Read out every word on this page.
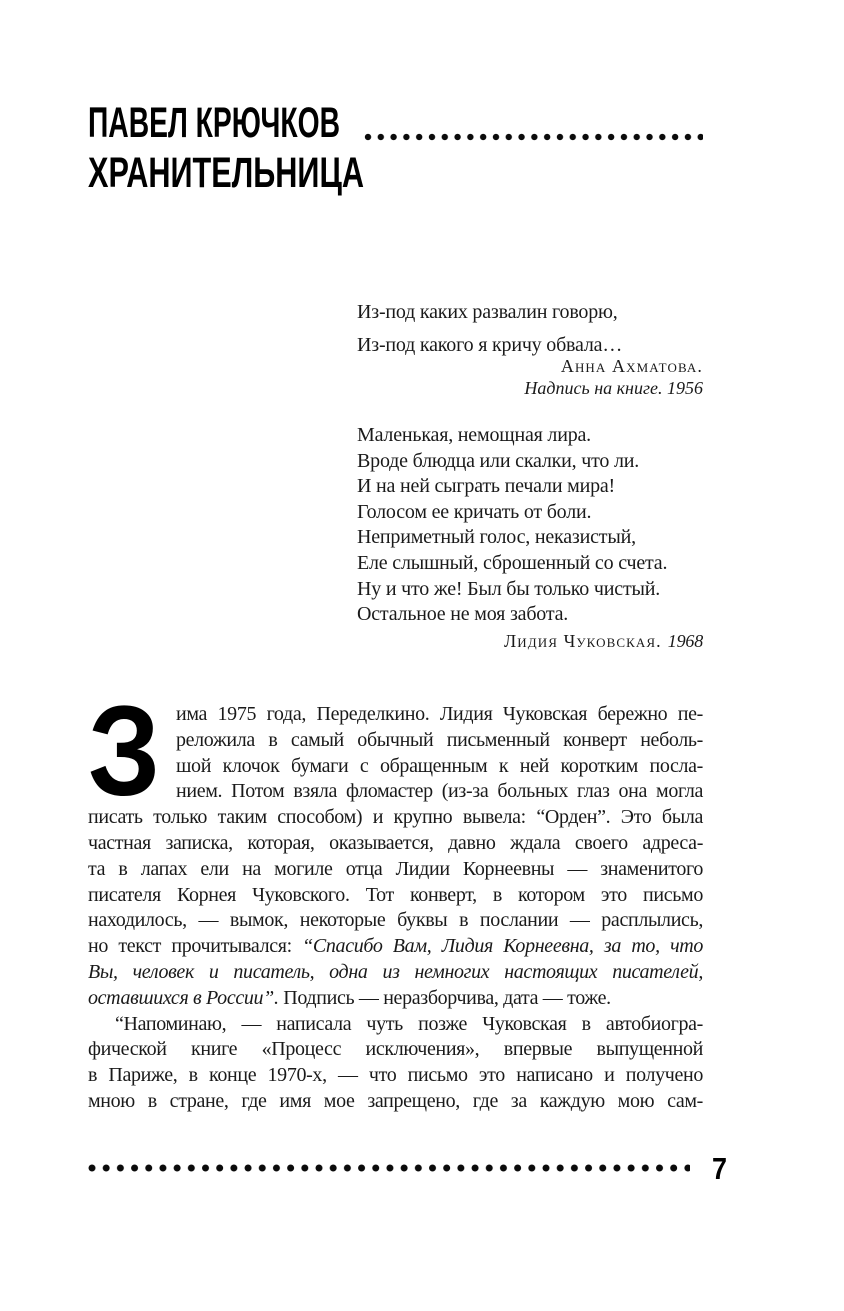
ПАВЕЛ КРЮЧКОВ
ХРАНИТЕЛЬНИЦА
Из-под каких развалин говорю,
Из-под какого я кричу обвала…
Анна Ахматова.
Надпись на книге. 1956
Маленькая, немощная лира.
Вроде блюдца или скалки, что ли.
И на ней сыграть печали мира!
Голосом ее кричать от боли.
Неприметный голос, неказистый,
Еле слышный, сброшенный со счета.
Ну и что же! Был бы только чистый.
Остальное не моя забота.
Лидия Чуковская. 1968
З има 1975 года, Переделкино. Лидия Чуковская бережно пе-
реложила в самый обычный письменный конверт неболь-
шой клочок бумаги с обращенным к ней коротким посла-
нием. Потом взяла фломастер (из-за больных глаз она могла
писать только таким способом) и крупно вывела: “Орден”. Это была
частная записка, которая, оказывается, давно ждала своего адреса-
та в лапах ели на могиле отца Лидии Корнеевны — знаменитого
писателя Корнея Чуковского. Тот конверт, в котором это письмо
находилось, — вымок, некоторые буквы в послании — расплылись,
но текст прочитывался: “Спасибо Вам, Лидия Корнеевна, за то, что
Вы, человек и писатель, одна из немногих настоящих писателей,
оставшихся в России”. Подпись — неразборчива, дата — тоже.
“Напоминаю, — написала чуть позже Чуковская в автобиогра-
фической книге «Процесс исключения», впервые выпущенной
в Париже, в конце 1970-х, — что письмо это написано и получено
мною в стране, где имя мое запрещено, где за каждую мою сам-
7
